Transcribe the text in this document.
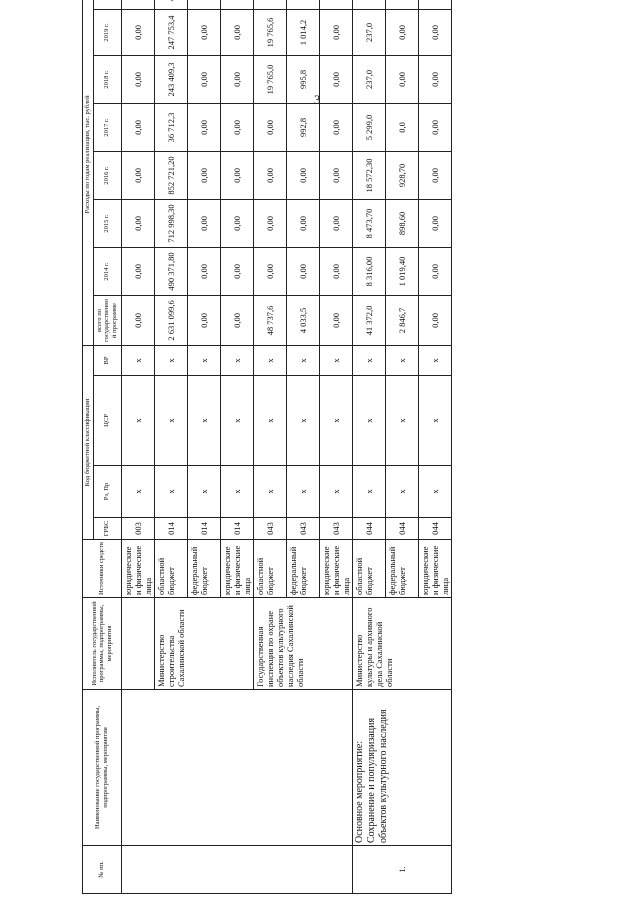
3
№ пп.	Наименование государственной программы, подпрограммы, мероприятия	Исполнитель государственной программы, подпрограммы, мероприятия	Источники средств	Код бюджетной классификации				Расходы по годам реализации, тыс. рублей							
				ГРБС	Рз, Пр	ЦСР	ВР	всего по государственной программе	2014 г.	2015 г.	2016 г.	2017 г.	2018 г.	2019 г.	
			юридические и физические лица	003	x	x	x	0,00	0,00	0,00	0,00	0,00	0,00	0,00	
		Министерство строительства Сахалинской области	областной бюджет	014	x	x	x	2 631 099,6	490 371,80	712 998,30	852 721,20	36 712,3	243 409,3	247 753,4	
			федеральный бюджет	014	x	x	x	0,00	0,00	0,00	0,00	0,00	0,00	0,00	
			юридические и физические лица	014	x	x	x	0,00	0,00	0,00	0,00	0,00	0,00	0,00	
		Государственная инспекция по охране объектов культурного наследия Сахалинской области	областной бюджет	043	x	x	x	48 737,6	0,00	0,00	0,00	0,00	19 765,0	19 765,6	
			федеральный бюджет	043	x	x	x	4 033,5	0,00	0,00	0,00	992,8	995,8	1 014,2	
			юридические и физические лица	043	x	x	x	0,00	0,00	0,00	0,00	0,00	0,00	0,00	
1.	Основное мероприятие: Сохранение и популяризация объектов культурного наследия	Министерство культуры и архивного дела Сахалинской области	областной бюджет	044	x	x	x	41 372,0	8 316,00	8 473,70	18 572,30	5 299,0	237,0	237,0	
			федеральный бюджет	044	x	x	x	2 846,7	1 019,40	898,60	928,70	0,0	0,00	0,00	
			юридические и физические лица	044	x	x	x	0,00	0,00	0,00	0,00	0,00	0,00	0,00	
